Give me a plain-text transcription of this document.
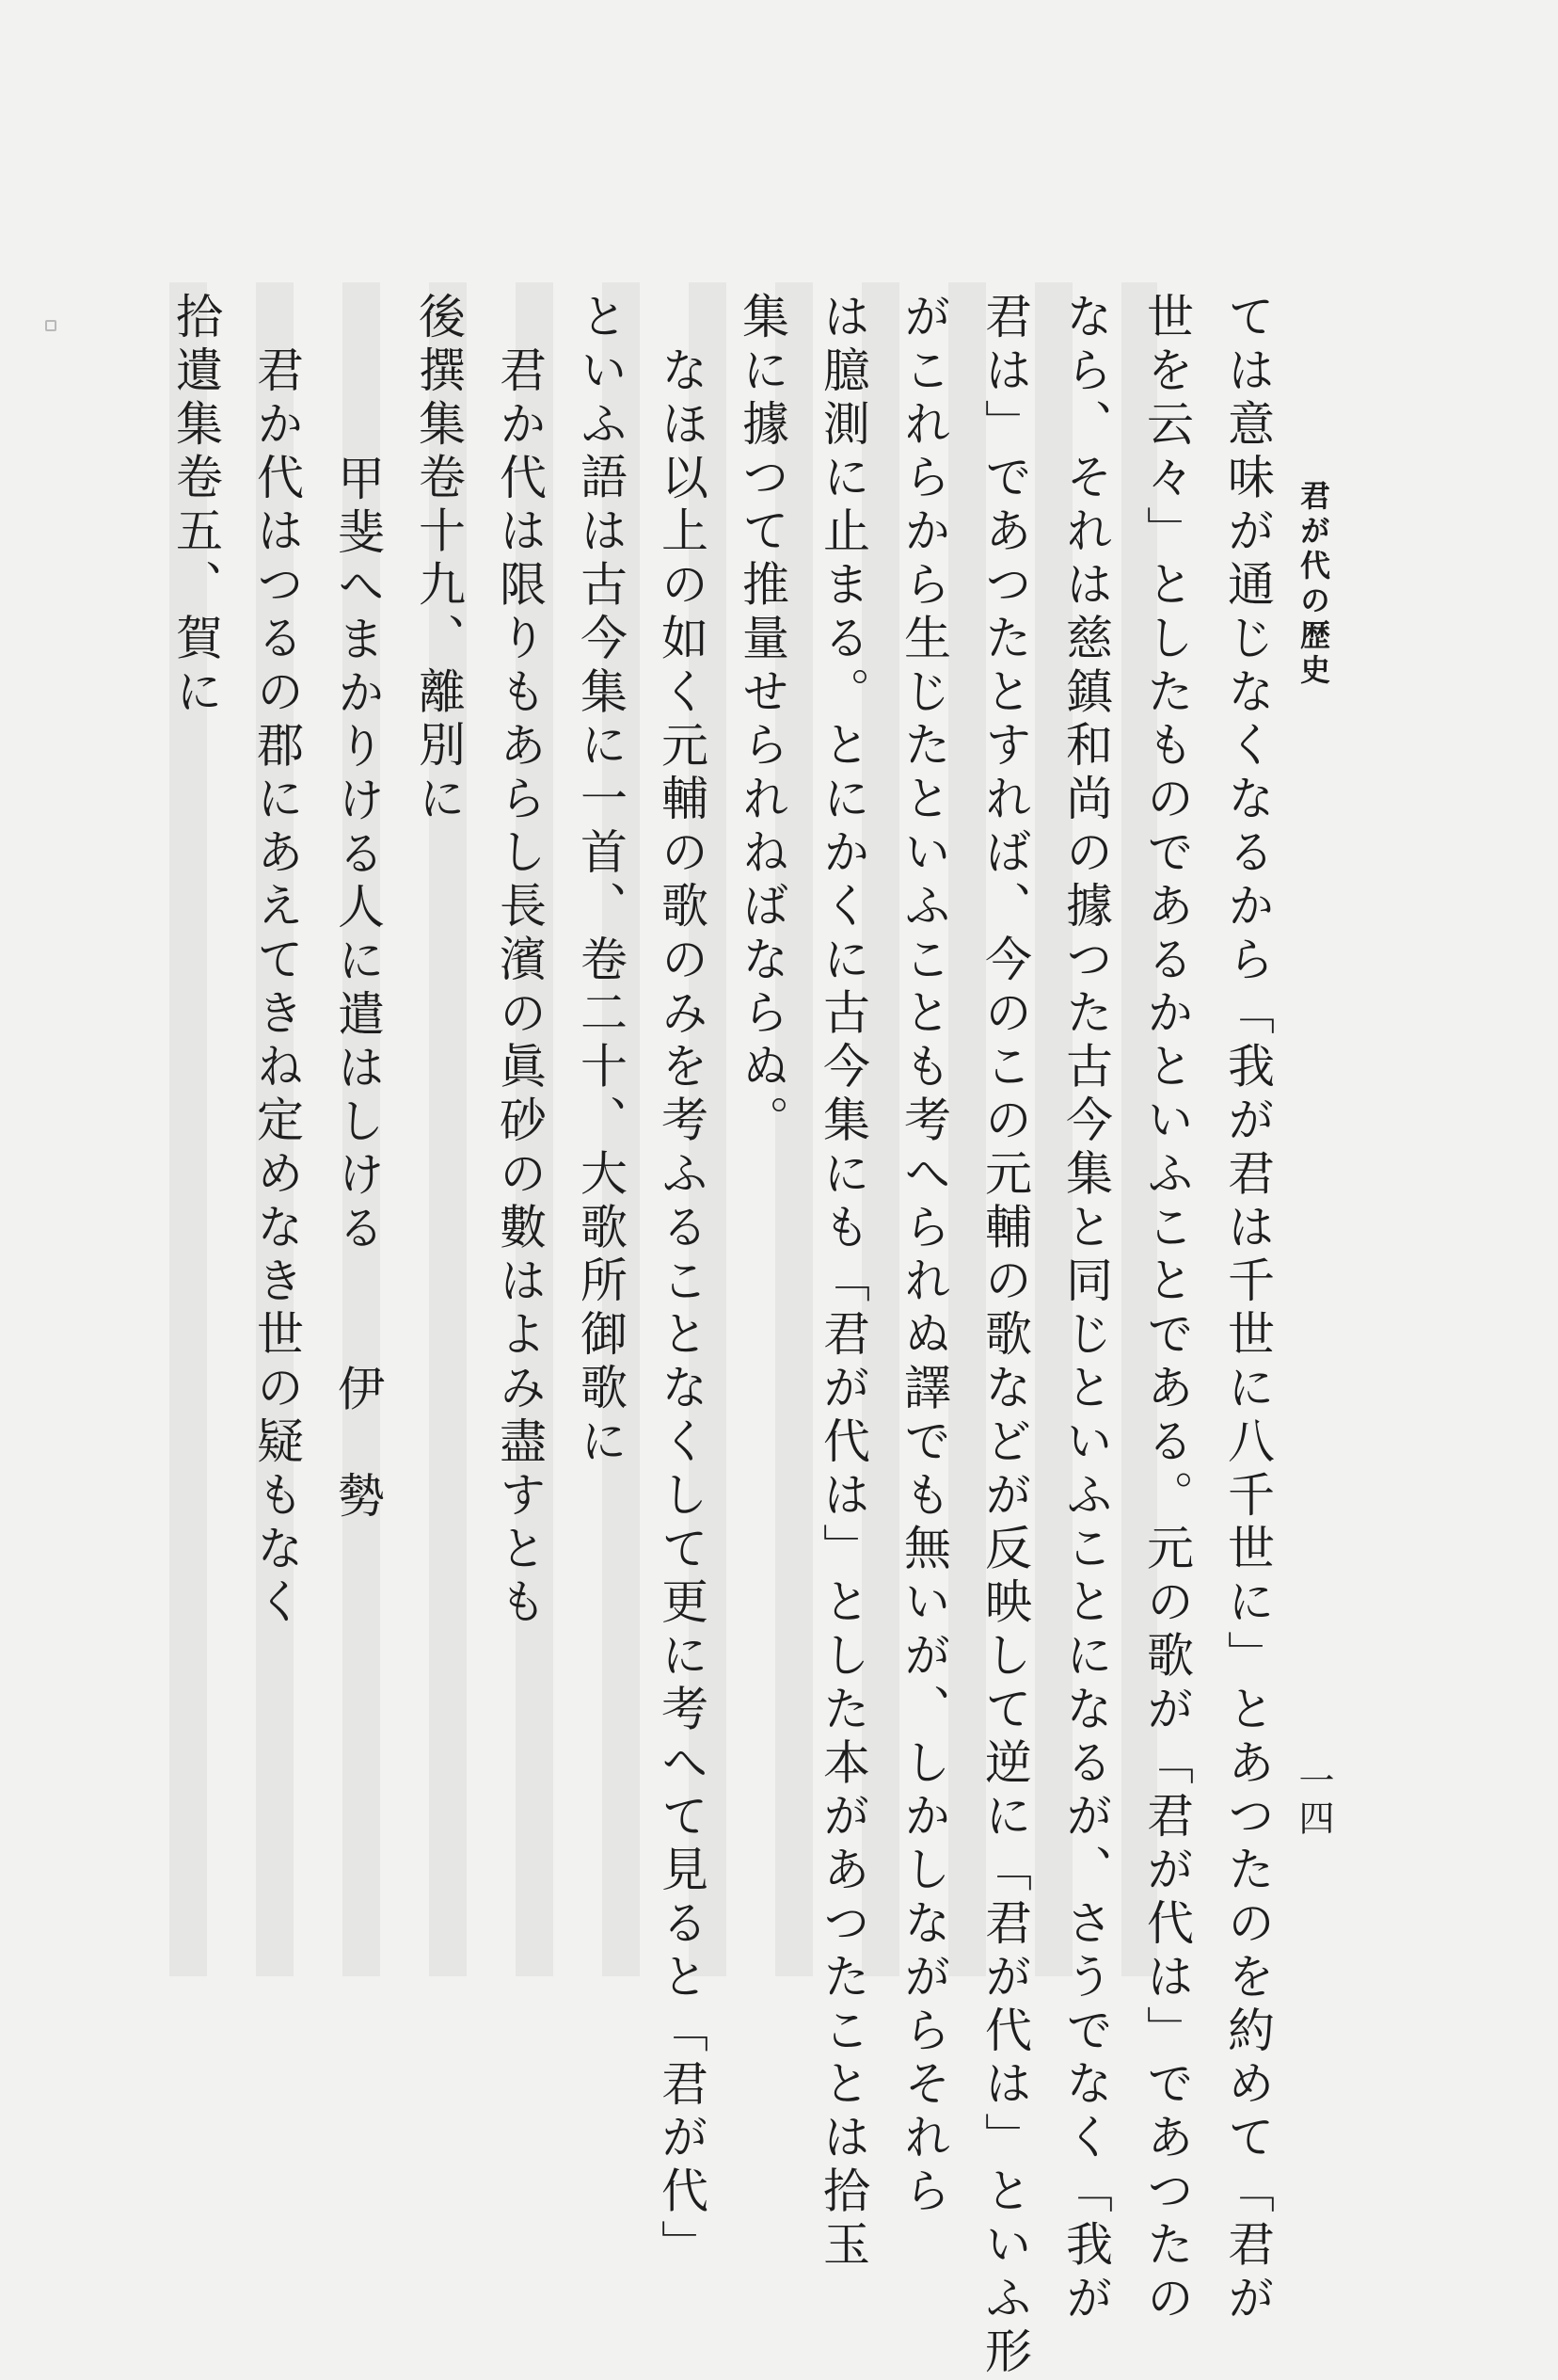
君が代の歴史
一四
ては意味が通じなくなるから「我が君は千世に八千世に」とあつたのを約めて「君が
世を云々」としたものであるかといふことである。元の歌が「君が代は」であつたの
なら、それは慈鎮和尚の據つた古今集と同じといふことになるが、さうでなく「我が
君は」であつたとすれば、今のこの元輔の歌などが反映して逆に「君が代は」といふ形
がこれらから生じたといふことも考へられぬ譯でも無いが、しかしながらそれら
は臆測に止まる。とにかくに古今集にも「君が代は」とした本があつたことは拾玉
集に據つて推量せられねばならぬ。
なほ以上の如く元輔の歌のみを考ふることなくして更に考へて見ると「君が代」
といふ語は古今集に一首、卷二十、大歌所御歌に
君か代は限りもあらし長濱の眞砂の數はよみ盡すとも
後撰集卷十九、離別に
甲斐へまかりける人に遣はしける　　伊　勢
君か代はつるの郡にあえてきね定めなき世の疑もなく
拾遺集卷五、賀に
